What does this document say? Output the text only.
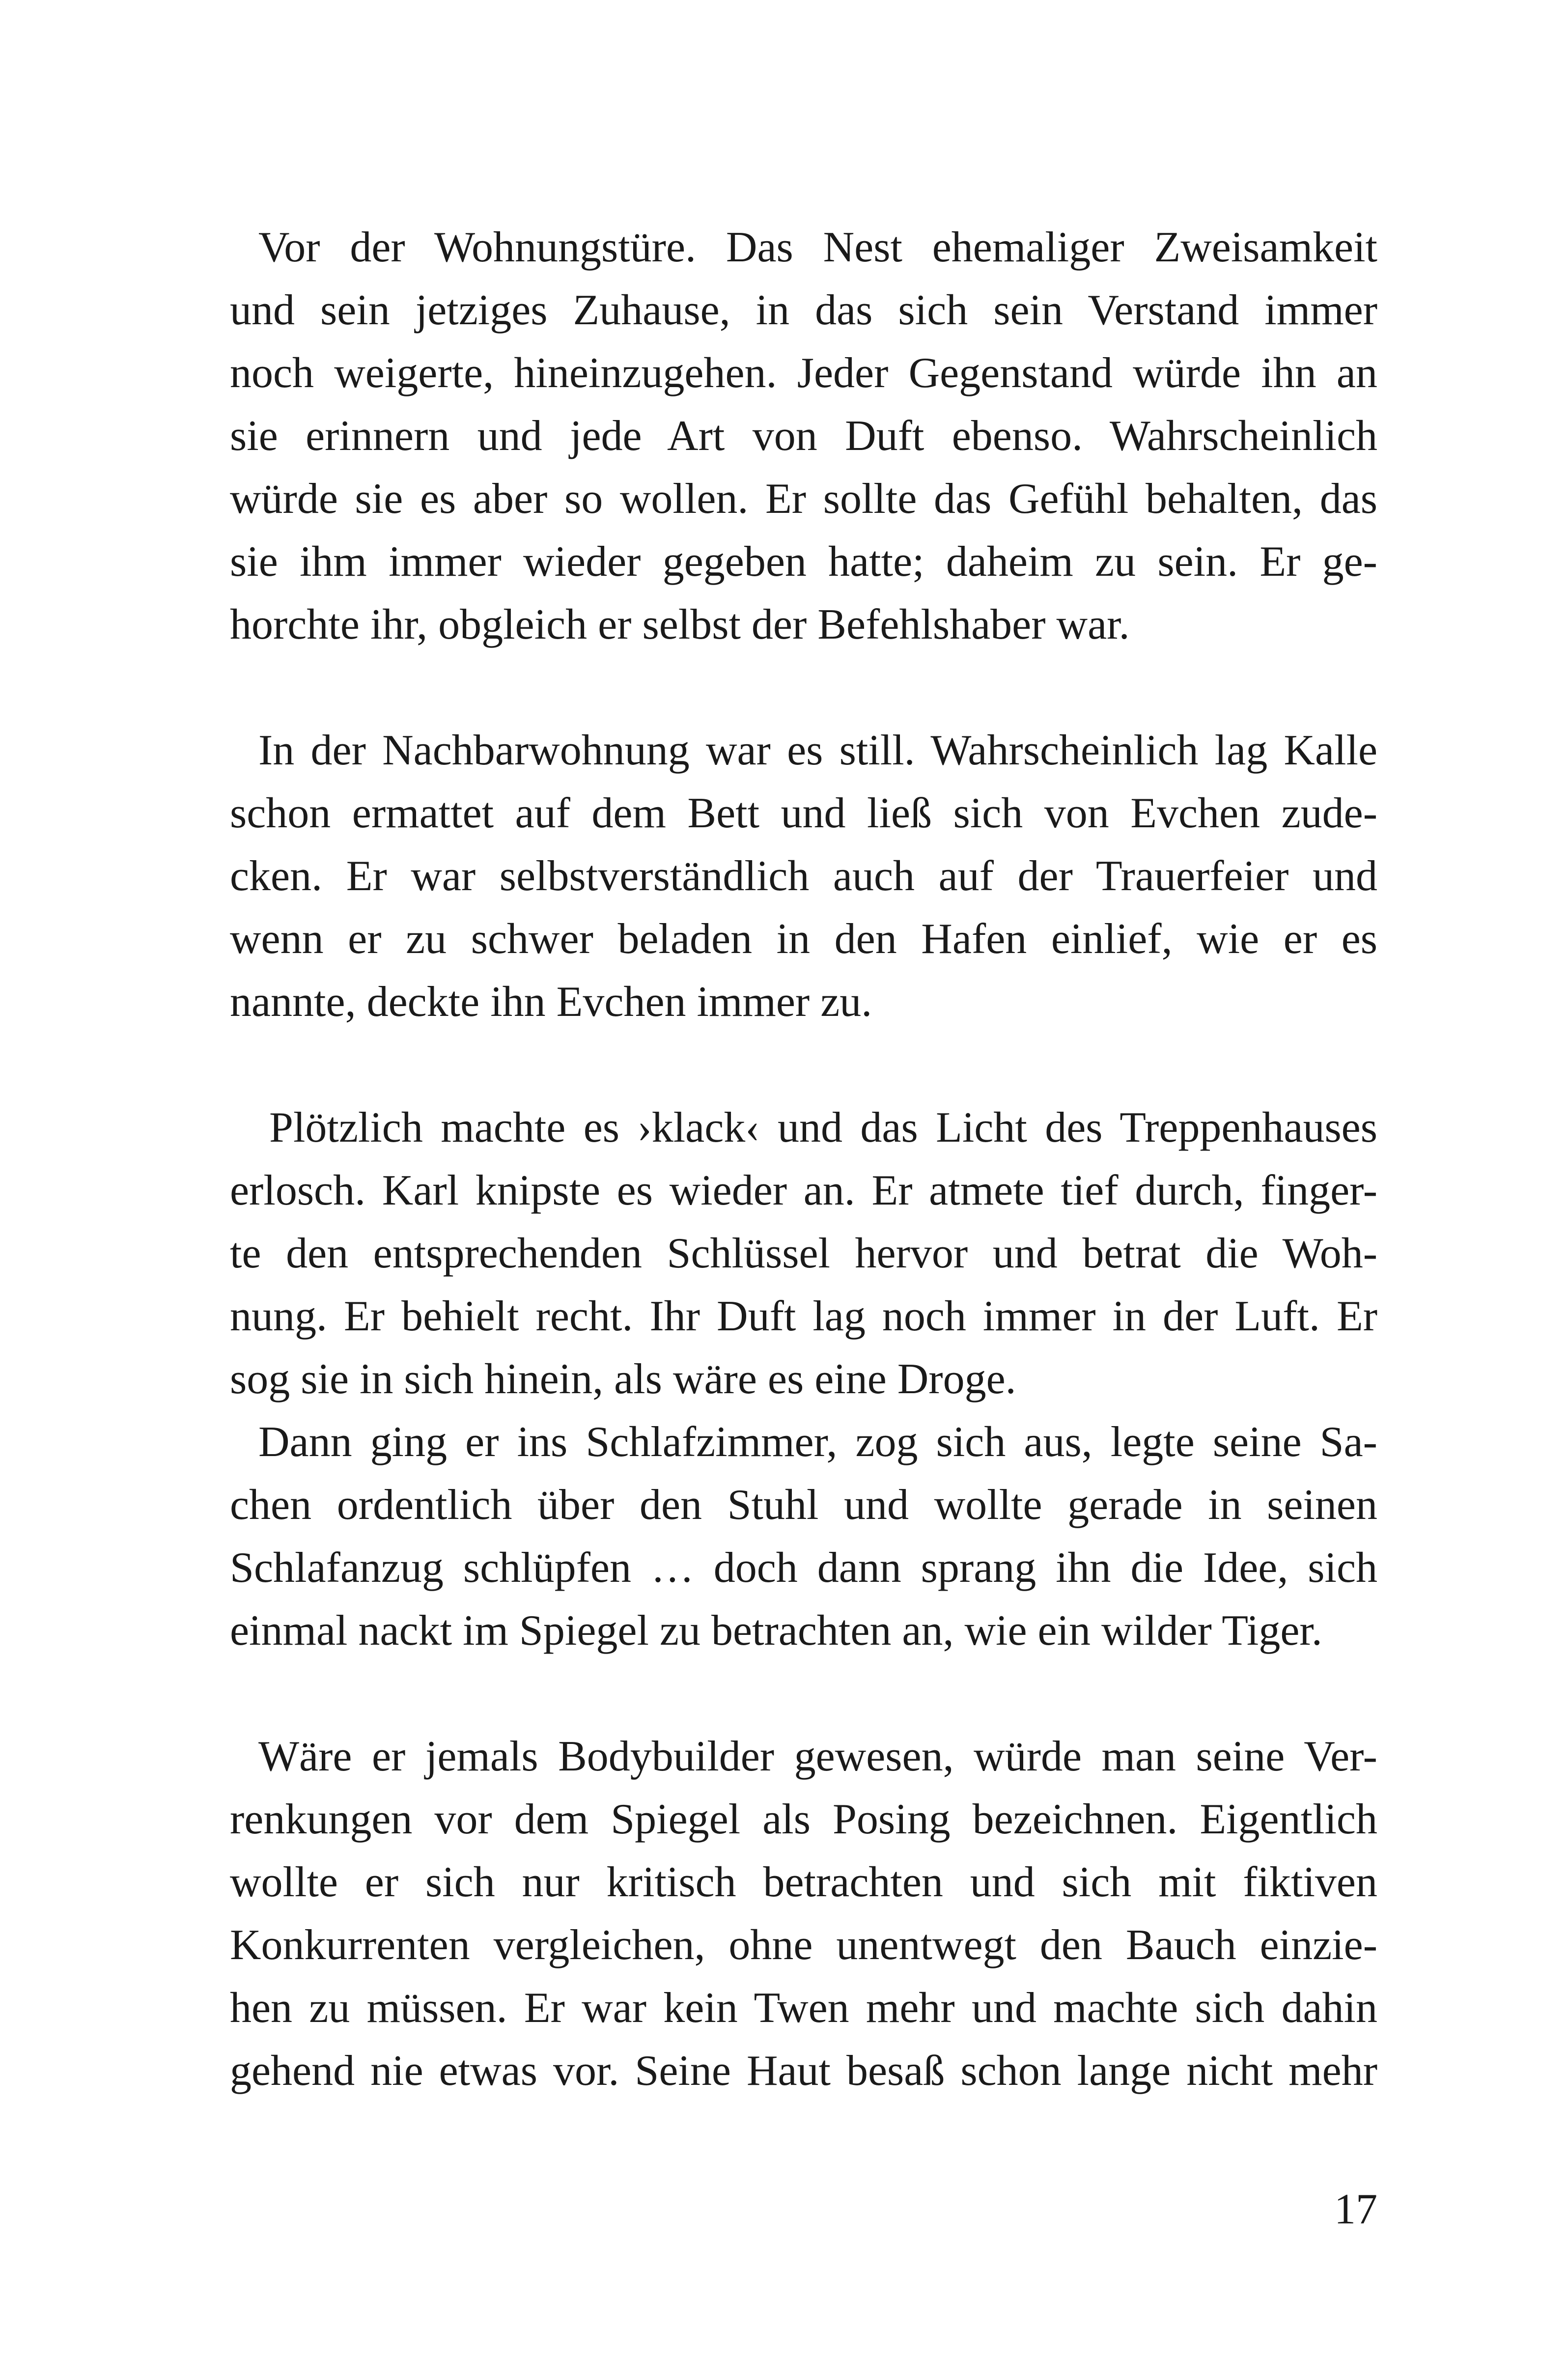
Vor der Wohnungstüre. Das Nest ehemaliger Zweisamkeit
und sein jetziges Zuhause, in das sich sein Verstand immer
noch weigerte, hineinzugehen. Jeder Gegenstand würde ihn an
sie erinnern und jede Art von Duft ebenso. Wahrscheinlich
würde sie es aber so wollen. Er sollte das Gefühl behalten, das
sie ihm immer wieder gegeben hatte; daheim zu sein. Er ge-
horchte ihr, obgleich er selbst der Befehlshaber war.
In der Nachbarwohnung war es still. Wahrscheinlich lag Kalle
schon ermattet auf dem Bett und ließ sich von Evchen zude-
cken. Er war selbstverständlich auch auf der Trauerfeier und
wenn er zu schwer beladen in den Hafen einlief, wie er es
nannte, deckte ihn Evchen immer zu.
Plötzlich machte es ›klack‹ und das Licht des Treppenhauses
erlosch. Karl knipste es wieder an. Er atmete tief durch, finger-
te den entsprechenden Schlüssel hervor und betrat die Woh-
nung. Er behielt recht. Ihr Duft lag noch immer in der Luft. Er
sog sie in sich hinein, als wäre es eine Droge.
Dann ging er ins Schlafzimmer, zog sich aus, legte seine Sa-
chen ordentlich über den Stuhl und wollte gerade in seinen
Schlafanzug schlüpfen … doch dann sprang ihn die Idee, sich
einmal nackt im Spiegel zu betrachten an, wie ein wilder Tiger.
Wäre er jemals Bodybuilder gewesen, würde man seine Ver-
renkungen vor dem Spiegel als Posing bezeichnen. Eigentlich
wollte er sich nur kritisch betrachten und sich mit fiktiven
Konkurrenten vergleichen, ohne unentwegt den Bauch einzie-
hen zu müssen. Er war kein Twen mehr und machte sich dahin
gehend nie etwas vor. Seine Haut besaß schon lange nicht mehr
17
